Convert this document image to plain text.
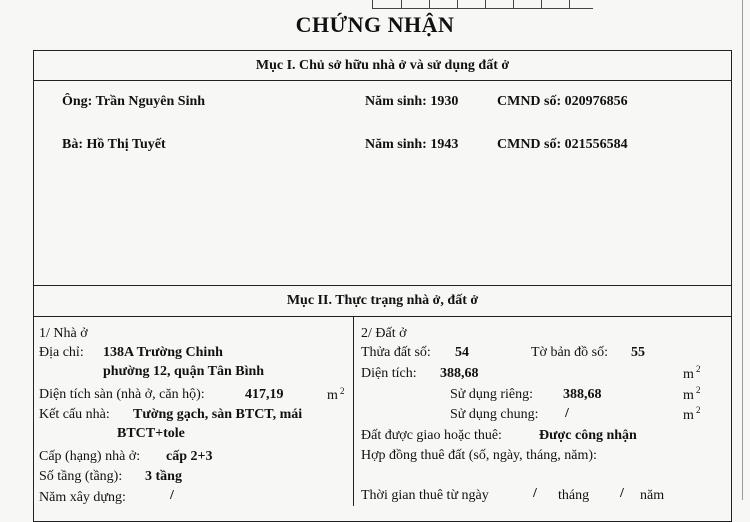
CHỨNG NHẬN
Mục I. Chủ sở hữu nhà ở và sử dụng đất ở
Ông: Trần Nguyên Sinh	Năm sinh: 1930	CMND số: 020976856
Bà: Hồ Thị Tuyết	Năm sinh: 1943	CMND số: 021556584
Mục II. Thực trạng nhà ở, đất ở
1/ Nhà ở
Địa chỉ: 138A Trường Chinh
phường 12, quận Tân Bình
Diện tích sàn (nhà ở, căn hộ):	417,19	m 2
Kết cấu nhà: Tường gạch, sàn BTCT, mái
BTCT+tole
Cấp (hạng) nhà ở: cấp 2+3
Số tầng (tầng): 3 tầng
Năm xây dựng:	/
2/ Đất ở
Thửa đất số: 54	Tờ bản đồ số: 55
Diện tích: 388,68	m 2
Sử dụng riêng: 388,68	m 2
Sử dụng chung: /	m 2
Đất được giao hoặc thuê:	Được công nhận
Hợp đồng thuê đất (số, ngày, tháng, năm):
Thời gian thuê từ ngày	/ tháng / năm
